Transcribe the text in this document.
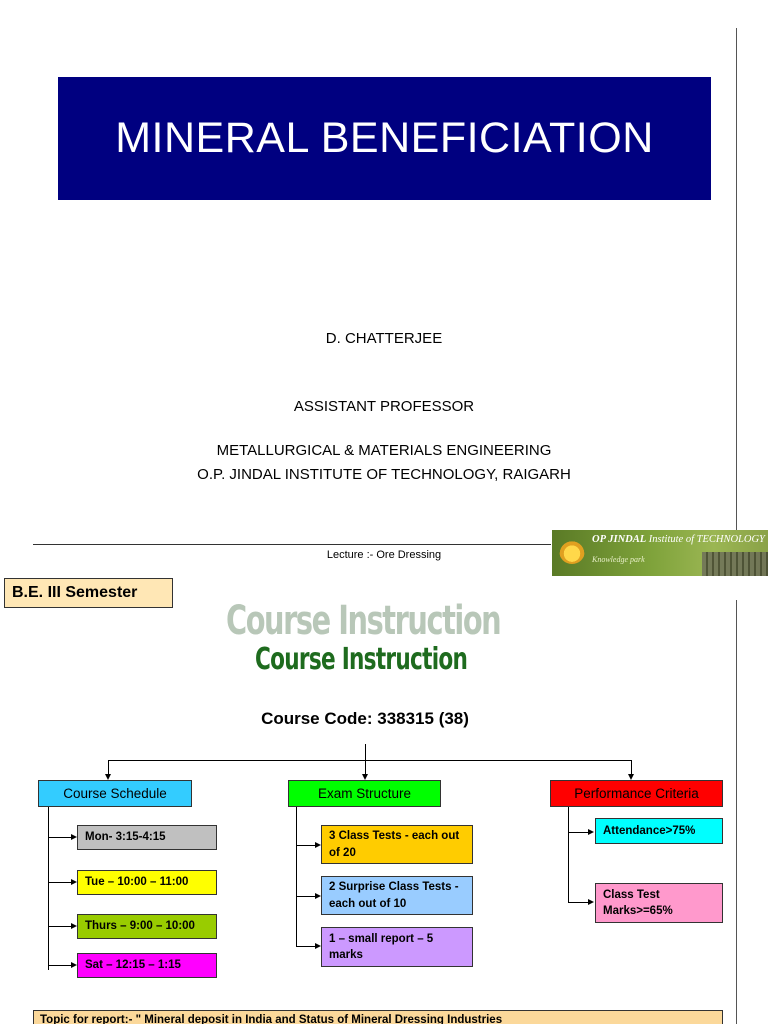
MINERAL BENEFICIATION
D. CHATTERJEE
ASSISTANT PROFESSOR
METALLURGICAL & MATERIALS ENGINEERING
O.P. JINDAL INSTITUTE OF TECHNOLOGY, RAIGARH
Lecture :- Ore Dressing
OP JINDAL Institute of TECHNOLOGY
Knowledge park
B.E. III Semester
Course Instruction
Course Instruction
Course Code: 338315 (38)
Course Schedule	Exam Structure	Performance Criteria
Mon- 3:15-4:15
Tue – 10:00 – 11:00
Thurs – 9:00 – 10:00
Sat – 12:15 – 1:15
3 Class Tests - each out of 20
2 Surprise Class Tests - each out of 10
1 – small report – 5 marks
Attendance>75%
Class Test Marks>=65%
Topic for report:- " Mineral deposit in India and Status of Mineral Dressing Industries
